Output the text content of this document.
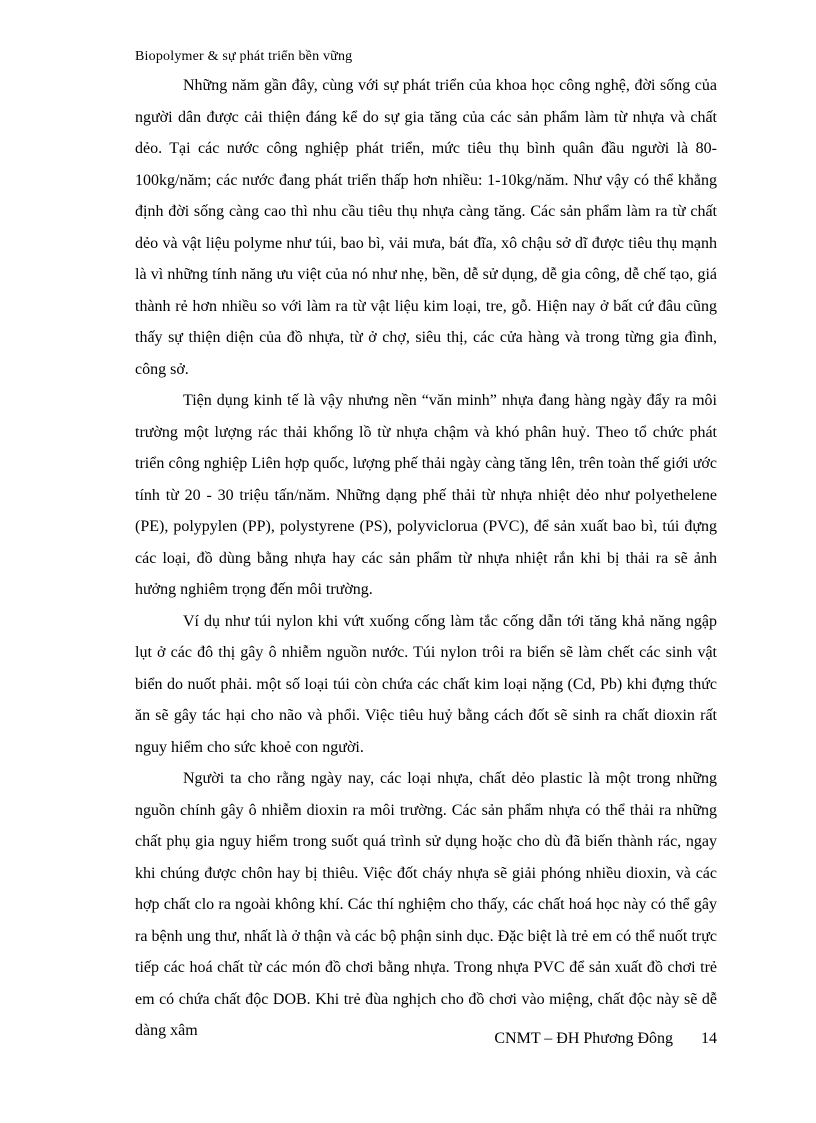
Biopolymer & sự phát triển bền vững

Những năm gần đây, cùng với sự phát triển của khoa học công nghệ, đời sống của người dân được cải thiện đáng kể do sự gia tăng của các sản phẩm làm từ nhựa và chất dẻo. Tại các nước công nghiệp phát triển, mức tiêu thụ bình quân đầu người là 80-100kg/năm; các nước đang phát triển thấp hơn nhiều: 1-10kg/năm. Như vậy có thể khẳng định đời sống càng cao thì nhu cầu tiêu thụ nhựa càng tăng. Các sản phẩm làm ra từ chất dẻo và vật liệu polyme như túi, bao bì, vải mưa, bát đĩa, xô chậu sở dĩ được tiêu thụ mạnh là vì những tính năng ưu việt của nó như nhẹ, bền, dễ sử dụng, dễ gia công, dễ chế tạo, giá thành rẻ hơn nhiều so với làm ra từ vật liệu kim loại, tre, gỗ. Hiện nay ở bất cứ đâu cũng thấy sự thiện diện của đồ nhựa, từ ở chợ, siêu thị, các cửa hàng và trong từng gia đình, công sở.

Tiện dụng kinh tế là vậy nhưng nền “văn minh” nhựa đang hàng ngày đẩy ra môi trường một lượng rác thải khổng lồ từ nhựa chậm và khó phân huỷ. Theo tổ chức phát triển công nghiệp Liên hợp quốc, lượng phế thải ngày càng tăng lên, trên toàn thế giới ước tính từ 20 - 30 triệu tấn/năm. Những dạng phế thải từ nhựa nhiệt dẻo như polyethelene (PE), polypylen (PP), polystyrene (PS), polyviclorua (PVC), để sản xuất bao bì, túi đựng các loại, đồ dùng bằng nhựa hay các sản phẩm từ nhựa nhiệt rắn khi bị thải ra sẽ ảnh hưởng nghiêm trọng đến môi trường.

Ví dụ như túi nylon khi vứt xuống cống làm tắc cống dẫn tới tăng khả năng ngập lụt ở các đô thị gây ô nhiễm nguồn nước. Túi nylon trôi ra biển sẽ làm chết các sinh vật biển do nuốt phải. một số loại túi còn chứa các chất kim loại nặng (Cd, Pb) khi đựng thức ăn sẽ gây tác hại cho não và phổi. Việc tiêu huỷ bằng cách đốt sẽ sinh ra chất dioxin rất nguy hiểm cho sức khoẻ con người.

Người ta cho rằng ngày nay, các loại nhựa, chất dẻo plastic là một trong những nguồn chính gây ô nhiễm dioxin ra môi trường. Các sản phẩm nhựa có thể thải ra những chất phụ gia nguy hiểm trong suốt quá trình sử dụng hoặc cho dù đã biến thành rác, ngay khi chúng được chôn hay bị thiêu. Việc đốt cháy nhựa sẽ giải phóng nhiều dioxin, và các hợp chất clo ra ngoài không khí. Các thí nghiệm cho thấy, các chất hoá học này có thể gây ra bệnh ung thư, nhất là ở thận và các bộ phận sinh dục. Đặc biệt là trẻ em có thể nuốt trực tiếp các hoá chất từ các món đồ chơi bằng nhựa. Trong nhựa PVC để sản xuất đồ chơi trẻ em có chứa chất độc DOB. Khi trẻ đùa nghịch cho đồ chơi vào miệng, chất độc này sẽ dễ dàng xâm	CNMT – ĐH Phương Đông 14
